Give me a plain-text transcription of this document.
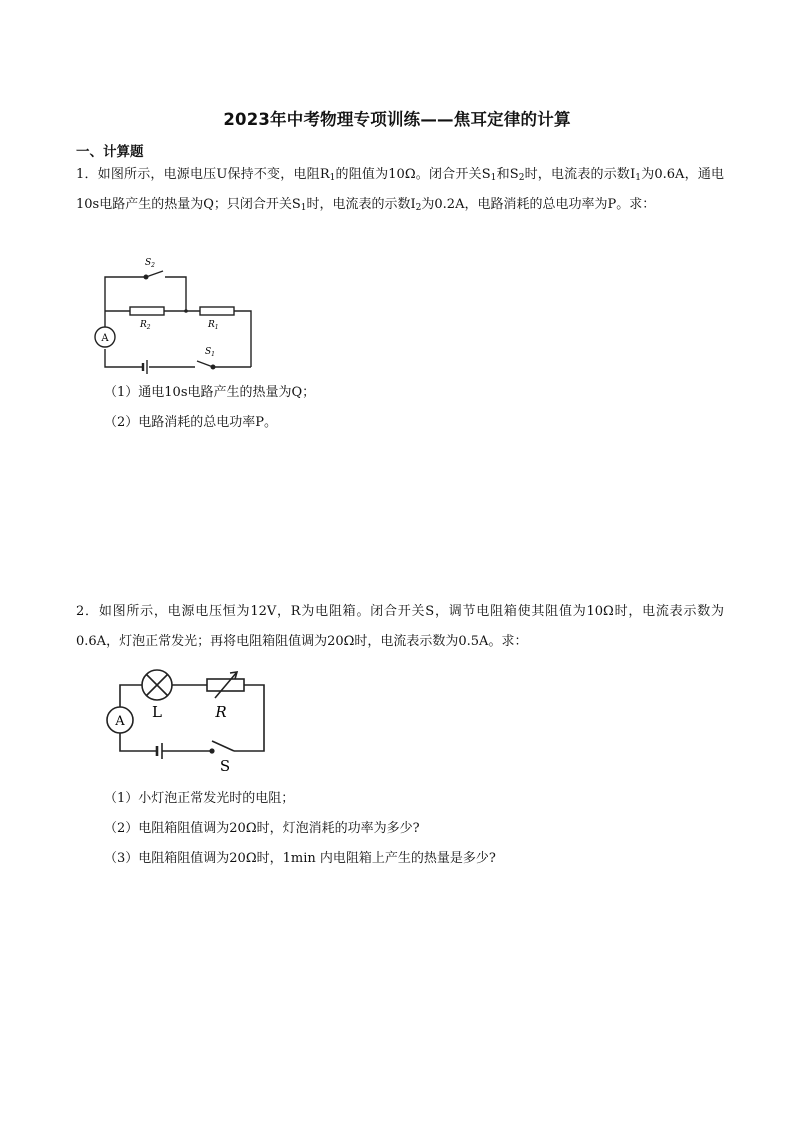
2023年中考物理专项训练——焦耳定律的计算
一、计算题
1．如图所示，电源电压U保持不变，电阻$R_1$的阻值为10Ω。闭合开关$S_1$和$S_2$时，电流表的示数$I_1$为0.6A，通电10s电路产生的热量为Q；只闭合开关$S_1$时，电流表的示数$I_2$为0.2A，电路消耗的总电功率为P。求：
A
$S_2$
$R_2$	$R_1$
$S_1$
（1）通电10s电路产生的热量为Q；
（2）电路消耗的总电功率P。
2．如图所示，电源电压恒为12V，R为电阻箱。闭合开关S，调节电阻箱使其阻值为10Ω时，电流表示数为0.6A，灯泡正常发光；再将电阻箱阻值调为20Ω时，电流表示数为0.5A。求：
A
L	R
S
（1）小灯泡正常发光时的电阻；
（2）电阻箱阻值调为20Ω时，灯泡消耗的功率为多少?
（3）电阻箱阻值调为20Ω时，1min 内电阻箱上产生的热量是多少?
